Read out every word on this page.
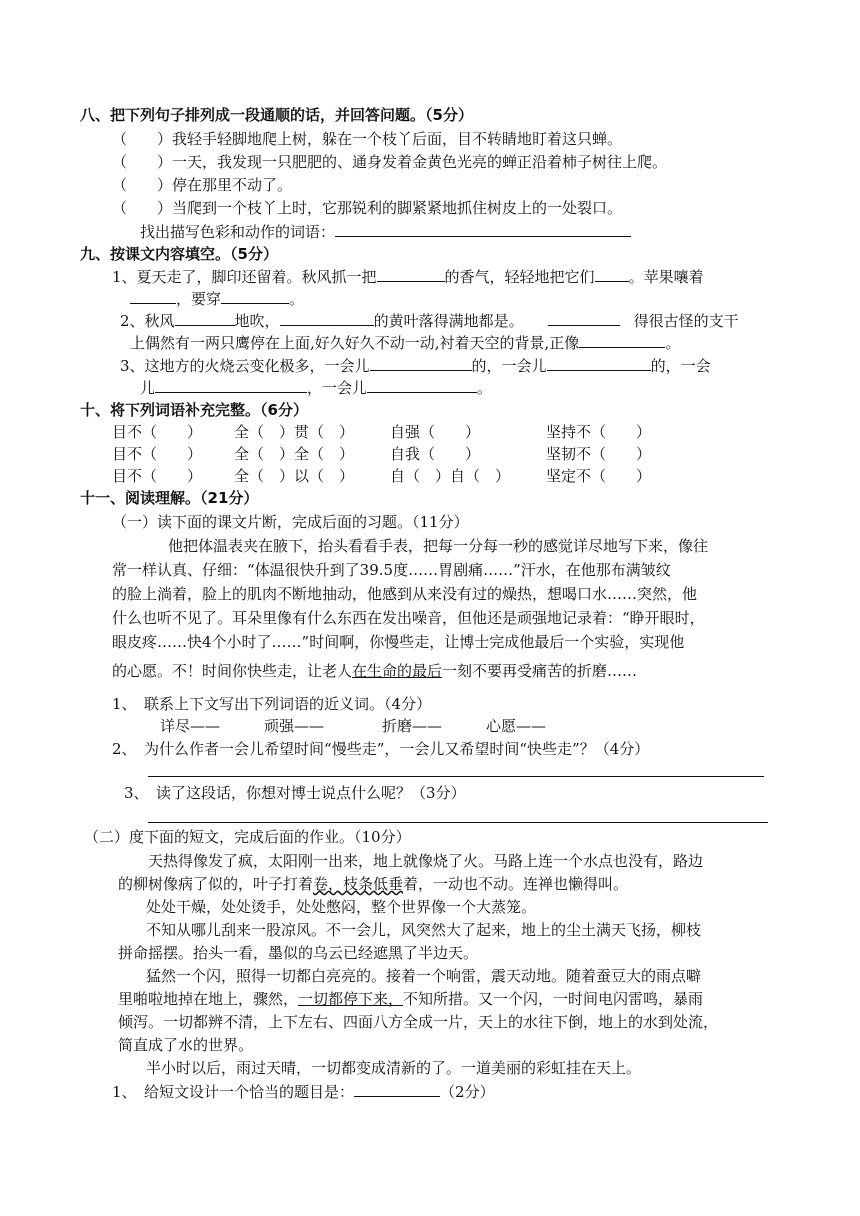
八、把下列句子排列成一段通顺的话，并回答问题。（5分）
（　　）我轻手轻脚地爬上树，躲在一个枝丫后面，目不转睛地盯着这只蝉。
（　　）一天，我发现一只肥肥的、通身发着金黄色光亮的蝉正沿着柿子树往上爬。
（　　）停在那里不动了。
（　　）当爬到一个枝丫上时，它那锐利的脚紧紧地抓住树皮上的一处裂口。
找出描写色彩和动作的词语：
九、按课文内容填空。（5分）
1、夏天走了，脚印还留着。秋风抓一把	的香气，轻轻地把它们 。苹果嚷着
，要穿	。
2、秋风	地吹，	的黄叶落得满地都是。	得很古怪的支干
上偶然有一两只鹰停在上面,好久好久不动一动,衬着天空的背景,正像	。
3、这地方的火烧云变化极多，一会儿	的，一会儿	的，一会
儿	，一会儿	。
十、将下列词语补充完整。（6分）
目不（　　） 全（　）贯（　） 自强（　　）	坚持不（　　）
目不（　　） 全（　）全（　） 自我（　　）	坚韧不（　　）
目不（　　） 全（　）以（　） 自（　）自（　） 坚定不（　　）
十一、阅读理解。（21分）
（一）读下面的课文片断，完成后面的习题。（11分）
他把体温表夹在腋下，抬头看看手表，把每一分每一秒的感觉详尽地写下来，像往
常一样认真、仔细：“体温很快升到了39.5度……胃剧痛……”汗水，在他那布满皱纹
的脸上淌着，脸上的肌肉不断地抽动，他感到从来没有过的燥热，想喝口水……突然，他
什么也听不见了。耳朵里像有什么东西在发出噪音，但他还是顽强地记录着：“睁开眼时，
眼皮疼……快4个小时了……”时间啊，你慢些走，让博士完成他最后一个实验，实现他
的心愿。不！时间你快些走，让老人在生命的最后一刻不要再受痛苦的折磨……
1、　联系上下文写出下列词语的近义词。（4分）
详尽——	顽强——	折磨——	心愿——
2、　为什么作者一会儿希望时间“慢些走”，一会儿又希望时间“快些走”？（4分）
3、　读了这段话，你想对博士说点什么呢？（3分）
（二）度下面的短文，完成后面的作业。（10分）
天热得像发了疯，太阳刚一出来，地上就像烧了火。马路上连一个水点也没有，路边
的柳树像病了似的，叶子打着卷，枝条低垂着，一动也不动。连禅也懒得叫。
处处干燥，处处烫手，处处憋闷，整个世界像一个大蒸笼。
不知从哪儿刮来一股凉风。不一会儿，风突然大了起来，地上的尘土满天飞扬，柳枝
拼命摇摆。抬头一看，墨似的乌云已经遮黑了半边天。
猛然一个闪，照得一切都白亮亮的。接着一个响雷，震天动地。随着蚕豆大的雨点噼
里啪啦地掉在地上，骤然，一切都停下来，不知所措。又一个闪，一时间电闪雷鸣，暴雨
倾泻。一切都辨不清，上下左右、四面八方全成一片，天上的水往下倒，地上的水到处流，
简直成了水的世界。
半小时以后，雨过天晴，一切都变成清新的了。一道美丽的彩虹挂在天上。
1、　给短文设计一个恰当的题目是：	（2分）
